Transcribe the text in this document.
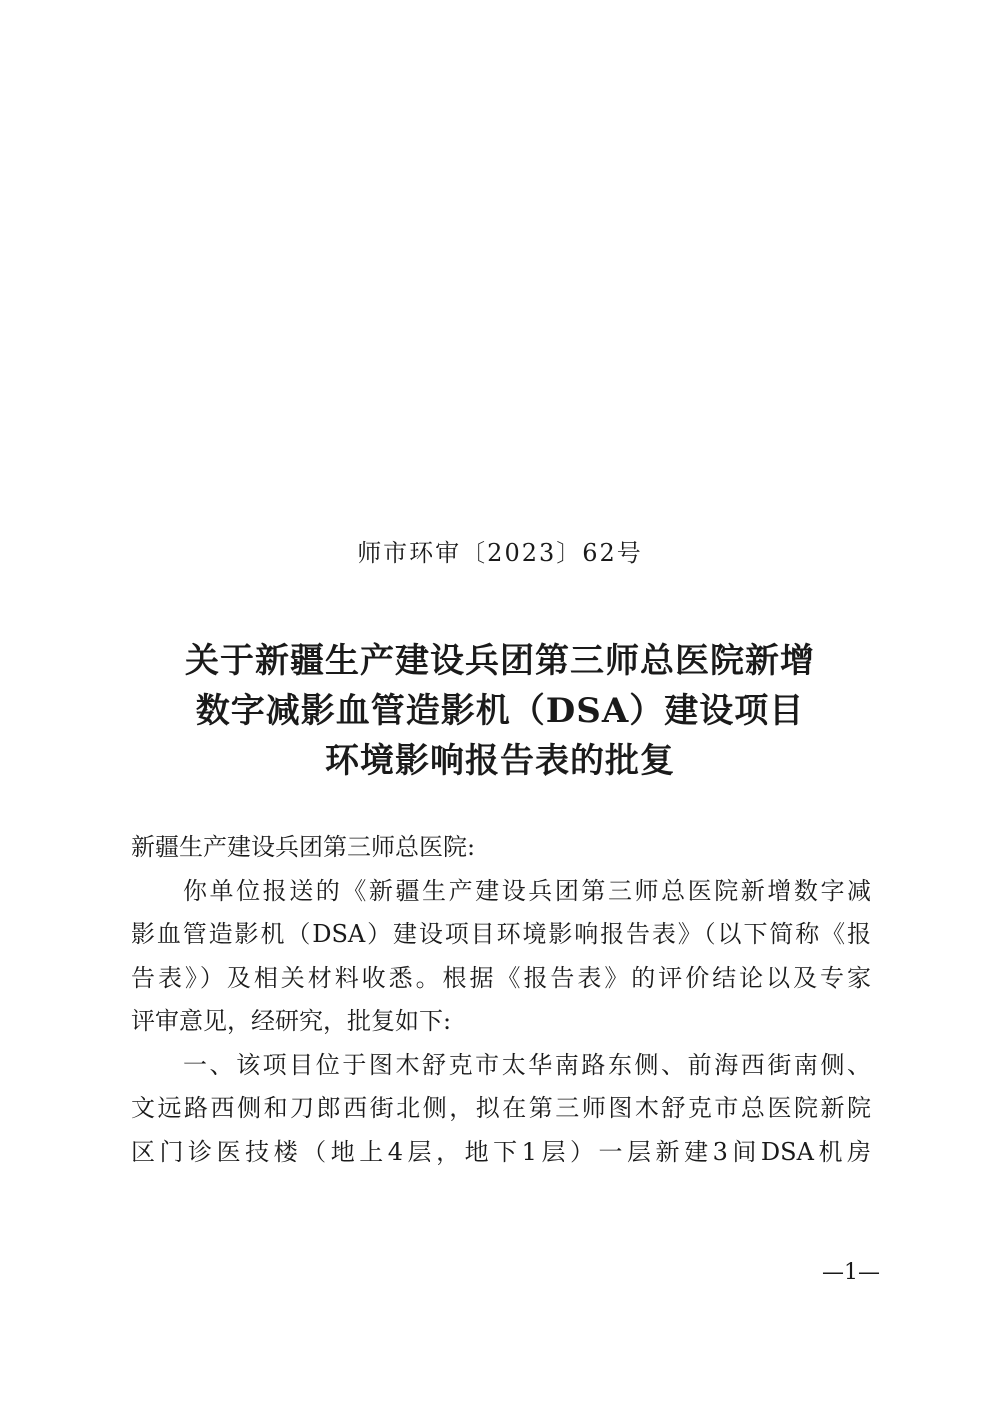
师市环审〔2023〕62号
关于新疆生产建设兵团第三师总医院新增
数字减影血管造影机（DSA）建设项目
环境影响报告表的批复
新疆生产建设兵团第三师总医院:
你单位报送的《新疆生产建设兵团第三师总医院新增数字减
影血管造影机（DSA）建设项目环境影响报告表》（以下简称《报
告表》）及相关材料收悉。根据《报告表》的评价结论以及专家
评审意见，经研究，批复如下:
一、该项目位于图木舒克市太华南路东侧、前海西街南侧、
文远路西侧和刀郎西街北侧，拟在第三师图木舒克市总医院新院
区门诊医技楼（地上4层，地下1层）一层新建3间DSA机房
—1—
